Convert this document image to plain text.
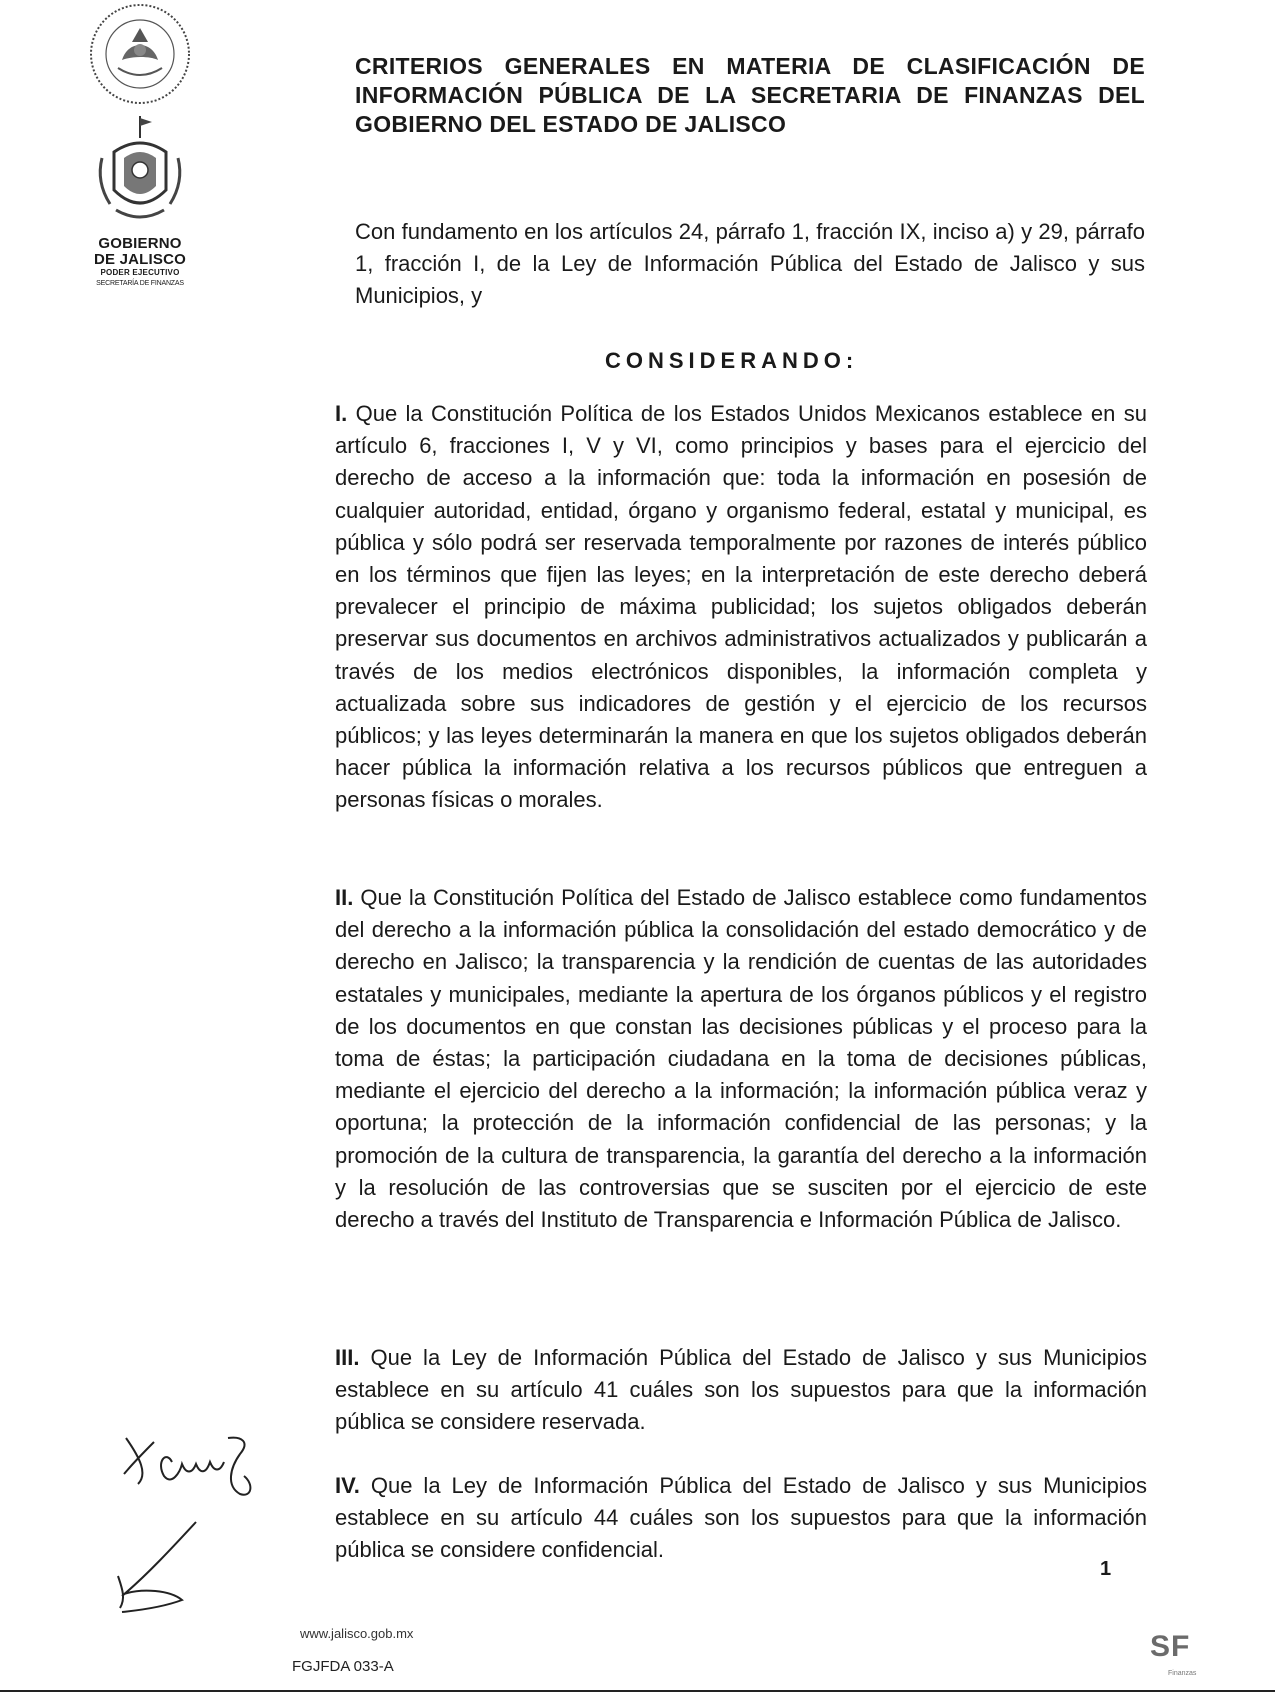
GOBIERNO
DE JALISCO
PODER EJECUTIVO
SECRETARÍA DE FINANZAS
CRITERIOS GENERALES EN MATERIA DE CLASIFICACIÓN DE INFORMACIÓN PÚBLICA DE LA SECRETARIA DE FINANZAS DEL GOBIERNO DEL ESTADO DE JALISCO
Con fundamento en los artículos 24, párrafo 1, fracción IX, inciso a) y 29, párrafo 1, fracción I, de la Ley de Información Pública del Estado de Jalisco y sus Municipios, y
CONSIDERANDO:
I. Que la Constitución Política de los Estados Unidos Mexicanos establece en su artículo 6, fracciones I, V y VI, como principios y bases para el ejercicio del derecho de acceso a la información que: toda la información en posesión de cualquier autoridad, entidad, órgano y organismo federal, estatal y municipal, es pública y sólo podrá ser reservada temporalmente por razones de interés público en los términos que fijen las leyes; en la interpretación de este derecho deberá prevalecer el principio de máxima publicidad; los sujetos obligados deberán preservar sus documentos en archivos administrativos actualizados y publicarán a través de los medios electrónicos disponibles, la información completa y actualizada sobre sus indicadores de gestión y el ejercicio de los recursos públicos; y las leyes determinarán la manera en que los sujetos obligados deberán hacer pública la información relativa a los recursos públicos que entreguen a personas físicas o morales.
II. Que la Constitución Política del Estado de Jalisco establece como fundamentos del derecho a la información pública la consolidación del estado democrático y de derecho en Jalisco; la transparencia y la rendición de cuentas de las autoridades estatales y municipales, mediante la apertura de los órganos públicos y el registro de los documentos en que constan las decisiones públicas y el proceso para la toma de éstas; la participación ciudadana en la toma de decisiones públicas, mediante el ejercicio del derecho a la información; la información pública veraz y oportuna; la protección de la información confidencial de las personas; y la promoción de la cultura de transparencia, la garantía del derecho a la información y la resolución de las controversias que se susciten por el ejercicio de este derecho a través del Instituto de Transparencia e Información Pública de Jalisco.
III. Que la Ley de Información Pública del Estado de Jalisco y sus Municipios establece en su artículo 41 cuáles son los supuestos para que la información pública se considere reservada.
IV. Que la Ley de Información Pública del Estado de Jalisco y sus Municipios establece en su artículo 44 cuáles son los supuestos para que la información pública se considere confidencial.
1
www.jalisco.gob.mx
FGJFDA 033-A
SF
Finanzas
